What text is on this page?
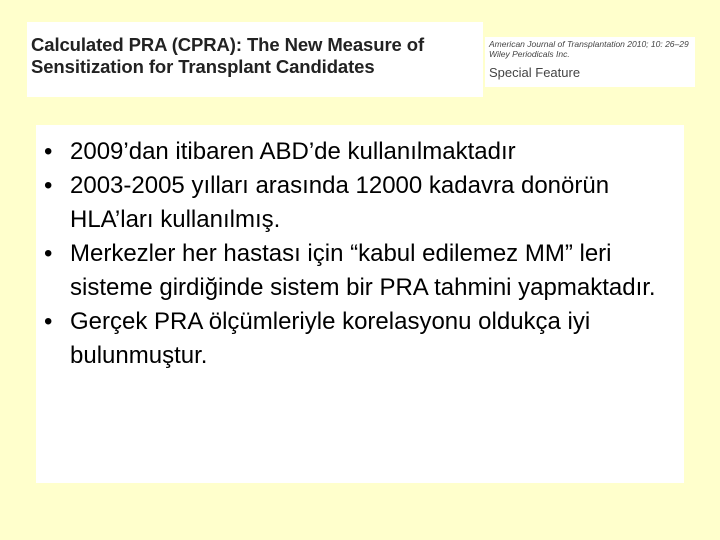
Calculated PRA (CPRA): The New Measure of
Sensitization for Transplant Candidates
American Journal of Transplantation 2010; 10: 26–29
Wiley Periodicals Inc.
Special Feature
• 2009’dan itibaren ABD’de kullanılmaktadır
• 2003-2005 yılları arasında 12000 kadavra donörün HLA’ları kullanılmış.
• Merkezler her hastası için “kabul edilemez MM” leri sisteme girdiğinde sistem bir PRA tahmini yapmaktadır.
• Gerçek PRA ölçümleriyle korelasyonu oldukça iyi bulunmuştur.
